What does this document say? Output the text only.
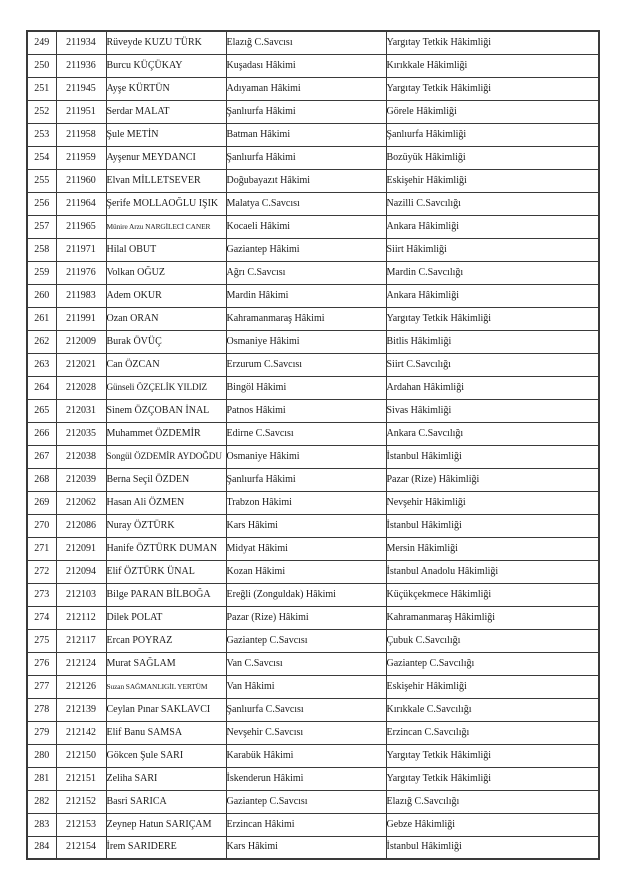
249	211934	Rüveyde KUZU TÜRK	Elazığ C.Savcısı	Yargıtay Tetkik Hâkimliği
250	211936	Burcu KÜÇÜKAY	Kuşadası Hâkimi	Kırıkkale Hâkimliği
251	211945	Ayşe KÜRTÜN	Adıyaman Hâkimi	Yargıtay Tetkik Hâkimliği
252	211951	Serdar MALAT	Şanlıurfa Hâkimi	Görele Hâkimliği
253	211958	Şule METİN	Batman Hâkimi	Şanlıurfa Hâkimliği
254	211959	Ayşenur MEYDANCI	Şanlıurfa Hâkimi	Bozüyük Hâkimliği
255	211960	Elvan MİLLETSEVER	Doğubayazıt Hâkimi	Eskişehir Hâkimliği
256	211964	Şerife MOLLAOĞLU IŞIK	Malatya C.Savcısı	Nazilli C.Savcılığı
257	211965	Münire Arzu NARGİLECİ CANER	Kocaeli Hâkimi	Ankara Hâkimliği
258	211971	Hilal OBUT	Gaziantep Hâkimi	Siirt Hâkimliği
259	211976	Volkan OĞUZ	Ağrı C.Savcısı	Mardin C.Savcılığı
260	211983	Adem OKUR	Mardin Hâkimi	Ankara Hâkimliği
261	211991	Ozan ORAN	Kahramanmaraş Hâkimi	Yargıtay Tetkik Hâkimliği
262	212009	Burak ÖVÜÇ	Osmaniye Hâkimi	Bitlis Hâkimliği
263	212021	Can ÖZCAN	Erzurum C.Savcısı	Siirt C.Savcılığı
264	212028	Günseli ÖZÇELİK YILDIZ	Bingöl Hâkimi	Ardahan Hâkimliği
265	212031	Sinem ÖZÇOBAN İNAL	Patnos Hâkimi	Sivas Hâkimliği
266	212035	Muhammet ÖZDEMİR	Edirne C.Savcısı	Ankara C.Savcılığı
267	212038	Songül ÖZDEMİR AYDOĞDU	Osmaniye Hâkimi	İstanbul Hâkimliği
268	212039	Berna Seçil ÖZDEN	Şanlıurfa Hâkimi	Pazar (Rize) Hâkimliği
269	212062	Hasan Ali ÖZMEN	Trabzon Hâkimi	Nevşehir Hâkimliği
270	212086	Nuray ÖZTÜRK	Kars Hâkimi	İstanbul Hâkimliği
271	212091	Hanife ÖZTÜRK DUMAN	Midyat Hâkimi	Mersin Hâkimliği
272	212094	Elif ÖZTÜRK ÜNAL	Kozan Hâkimi	İstanbul Anadolu Hâkimliği
273	212103	Bilge PARAN BİLBOĞA	Ereğli (Zonguldak) Hâkimi	Küçükçekmece Hâkimliği
274	212112	Dilek POLAT	Pazar (Rize) Hâkimi	Kahramanmaraş Hâkimliği
275	212117	Ercan POYRAZ	Gaziantep C.Savcısı	Çubuk C.Savcılığı
276	212124	Murat SAĞLAM	Van C.Savcısı	Gaziantep C.Savcılığı
277	212126	Suzan SAĞMANLIGİL YERTÜM	Van Hâkimi	Eskişehir Hâkimliği
278	212139	Ceylan Pınar SAKLAVCI	Şanlıurfa C.Savcısı	Kırıkkale C.Savcılığı
279	212142	Elif Banu SAMSA	Nevşehir C.Savcısı	Erzincan C.Savcılığı
280	212150	Gökcen Şule SARI	Karabük Hâkimi	Yargıtay Tetkik Hâkimliği
281	212151	Zeliha SARI	İskenderun Hâkimi	Yargıtay Tetkik Hâkimliği
282	212152	Basri SARICA	Gaziantep C.Savcısı	Elazığ C.Savcılığı
283	212153	Zeynep Hatun SARIÇAM	Erzincan Hâkimi	Gebze Hâkimliği
284	212154	İrem SARIDERE	Kars Hâkimi	İstanbul Hâkimliği
